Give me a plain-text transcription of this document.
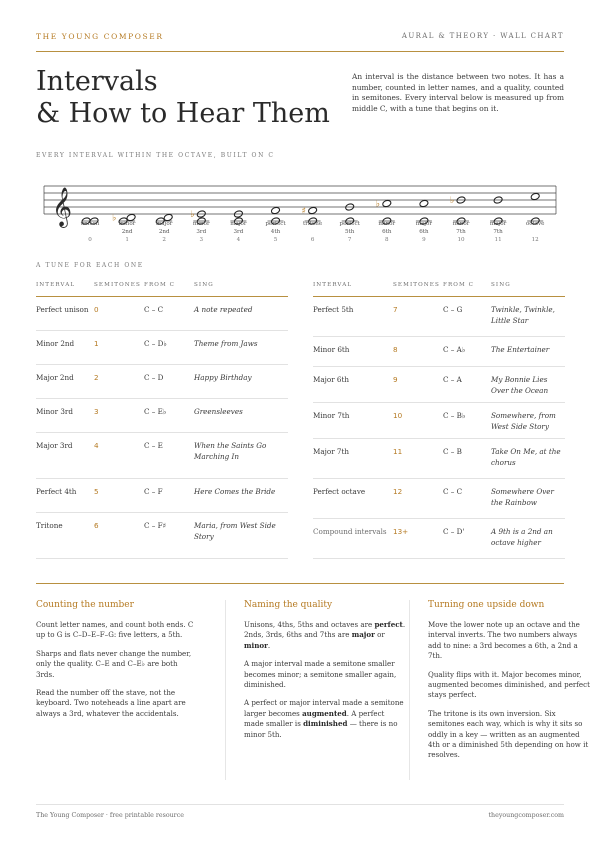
THE YOUNG COMPOSER	AURAL & THEORY · WALL CHART
Intervals
& How to Hear Them

An interval is the distance between two notes. It has a number, counted in letter names, and a quality, counted in semitones. Every interval below is measured up from middle C, with a tune that begins on it.

EVERY INTERVAL WITHIN THE OCTAVE, BUILT ON C
𝄞	♭	♭	♯
♭	♭
unison
0
minor
2nd
1
major
2nd
2
minor
3rd
3
major
3rd
4
perfect
4th
5
tritone
6
perfect
5th
7
minor
6th
8
major
6th
9
minor
7th
10
major
7th
11
octave
12
A TUNE FOR EACH ONE
INTERVAL	SEMITONES FROM C	SING
Perfect unison 0	C – C	A note repeated
Minor 2nd	1	C – D♭	Theme from Jaws
Major 2nd	2	C – D	Happy Birthday
Minor 3rd	3	C – E♭	Greensleeves
Major 3rd	4	C – E	When the Saints Go Marching In
Perfect 4th 5	C – F	Here Comes the Bride
Tritone	6	C – F♯	Maria, from West Side Story
INTERVAL	SEMITONES FROM C	SING
Perfect 5th	7	C – G	Twinkle, Twinkle, Little Star
Minor 6th	8	C – A♭	The Entertainer
Major 6th	9	C – A	My Bonnie Lies Over the Ocean
Minor 7th	10	C – B♭	Somewhere, from West Side Story
Major 7th	11	C – B	Take On Me, at the chorus
Perfect octave	12	C – C	Somewhere Over the Rainbow
Compound intervals 13+	C – D'	A 9th is a 2nd an octave higher
Counting the number

Count letter names, and count both ends. C up to G is C–D–E–F–G: five letters, a 5th.

Sharps and flats never change the number, only the quality. C–E and C–E♭ are both 3rds.

Read the number off the stave, not the keyboard. Two noteheads a line apart are always a 3rd, whatever the accidentals.

Naming the quality

Unisons, 4ths, 5ths and octaves are perfect. 2nds, 3rds, 6ths and 7ths are major or minor.

A major interval made a semitone smaller becomes minor; a semitone smaller again, diminished.

A perfect or major interval made a semitone larger becomes augmented. A perfect made smaller is diminished — there is no minor 5th.

Turning one upside down

Move the lower note up an octave and the interval inverts. The two numbers always add to nine: a 3rd becomes a 6th, a 2nd a 7th.

Quality flips with it. Major becomes minor, augmented becomes diminished, and perfect stays perfect.

The tritone is its own inversion. Six semitones each way, which is why it sits so oddly in a key — written as an augmented 4th or a diminished 5th depending on how it resolves.

The Young Composer · free printable resource	theyoungcomposer.com
